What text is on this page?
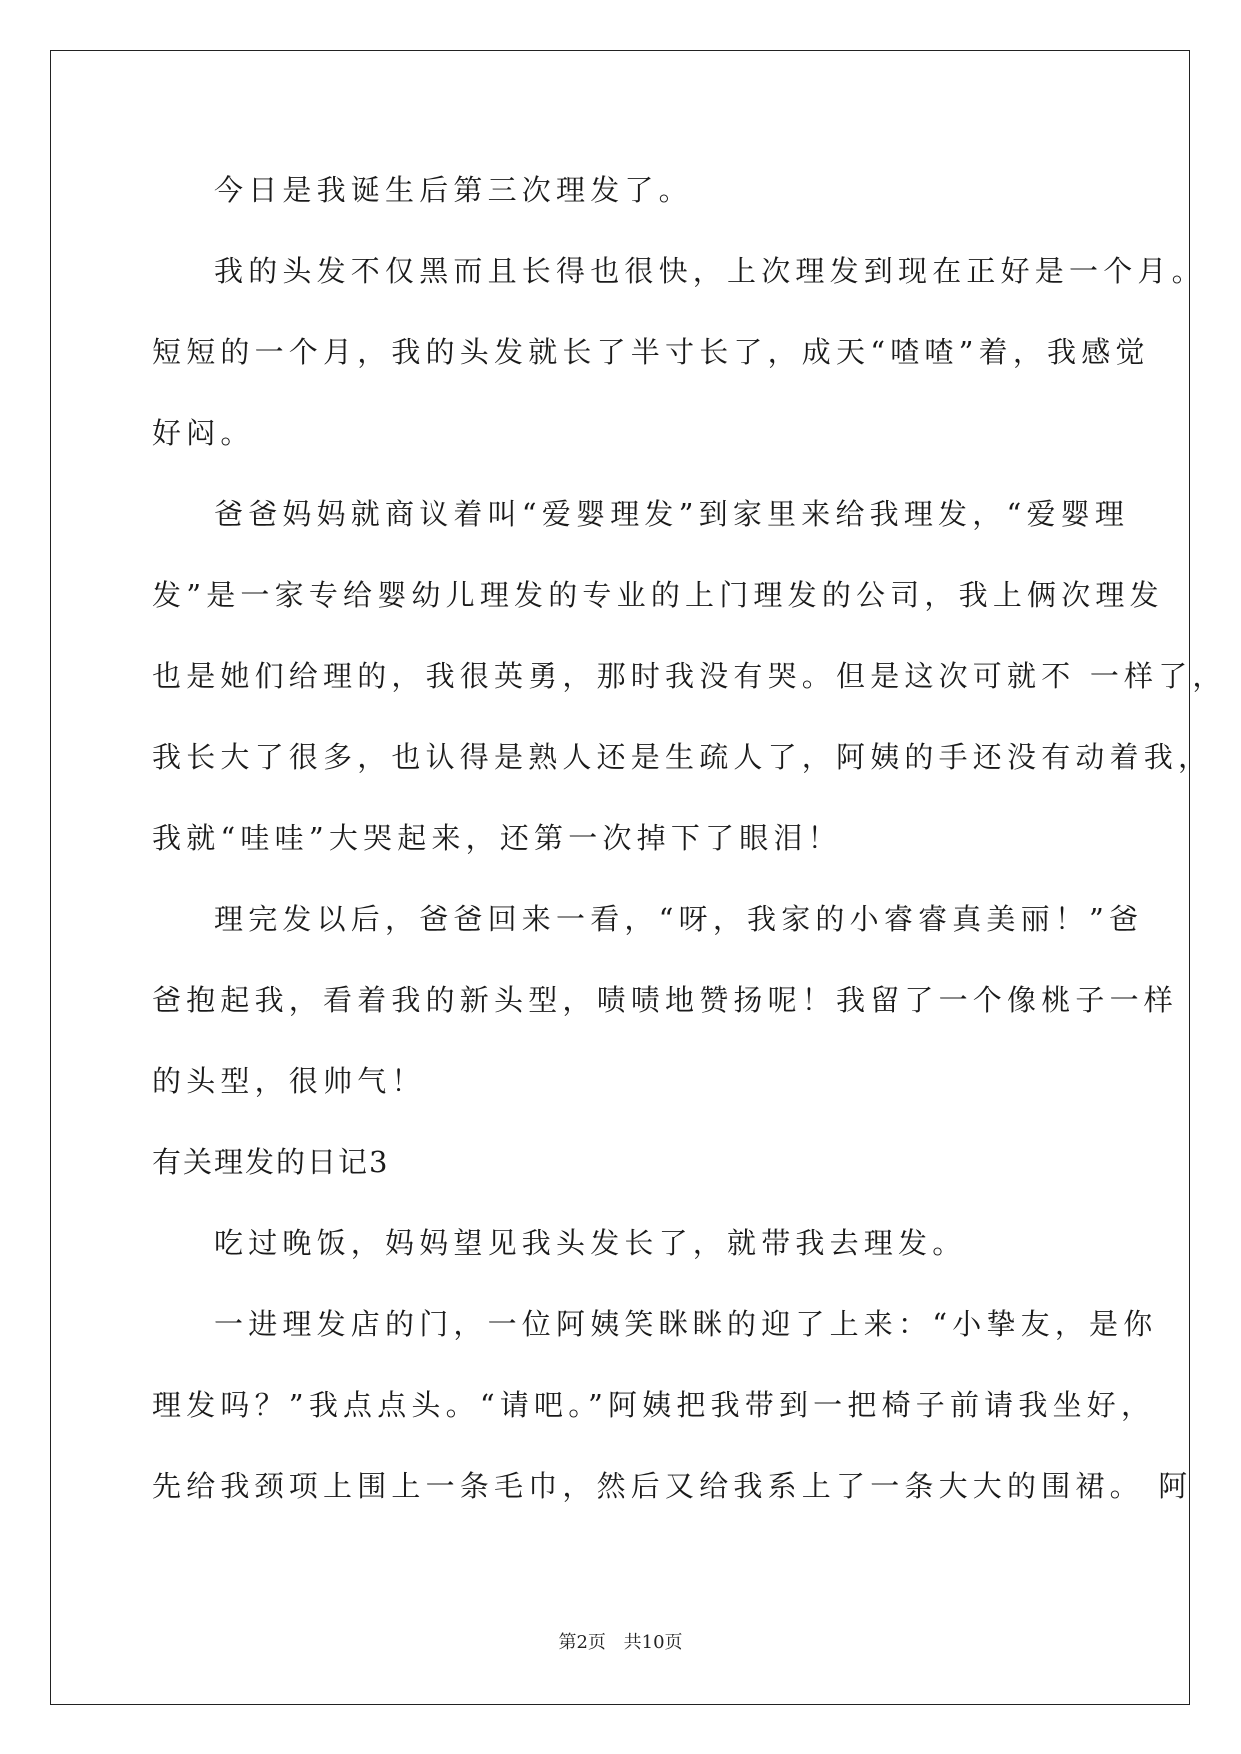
今日是我诞生后第三次理发了。
我的头发不仅黑而且长得也很快，上次理发到现在正好是一个月。
短短的一个月，我的头发就长了半寸长了，成天“喳喳”着，我感觉
好闷。
爸爸妈妈就商议着叫“爱婴理发”到家里来给我理发，“爱婴理
发”是一家专给婴幼儿理发的专业的上门理发的公司，我上俩次理发
也是她们给理的，我很英勇，那时我没有哭。但是这次可就不 一样了，
我长大了很多，也认得是熟人还是生疏人了，阿姨的手还没有动着我，
我就“哇哇”大哭起来，还第一次掉下了眼泪！
理完发以后，爸爸回来一看，“呀，我家的小睿睿真美丽！”爸
爸抱起我，看着我的新头型，啧啧地赞扬呢！我留了一个像桃子一样
的头型，很帅气！
有关理发的日记3
吃过晚饭，妈妈望见我头发长了，就带我去理发。
一进理发店的门，一位阿姨笑眯眯的迎了上来：“小挚友，是你
理发吗？”我点点头。“请吧。”阿姨把我带到一把椅子前请我坐好，
先给我颈项上围上一条毛巾，然后又给我系上了一条大大的围裙。 阿
第2页 共10页
